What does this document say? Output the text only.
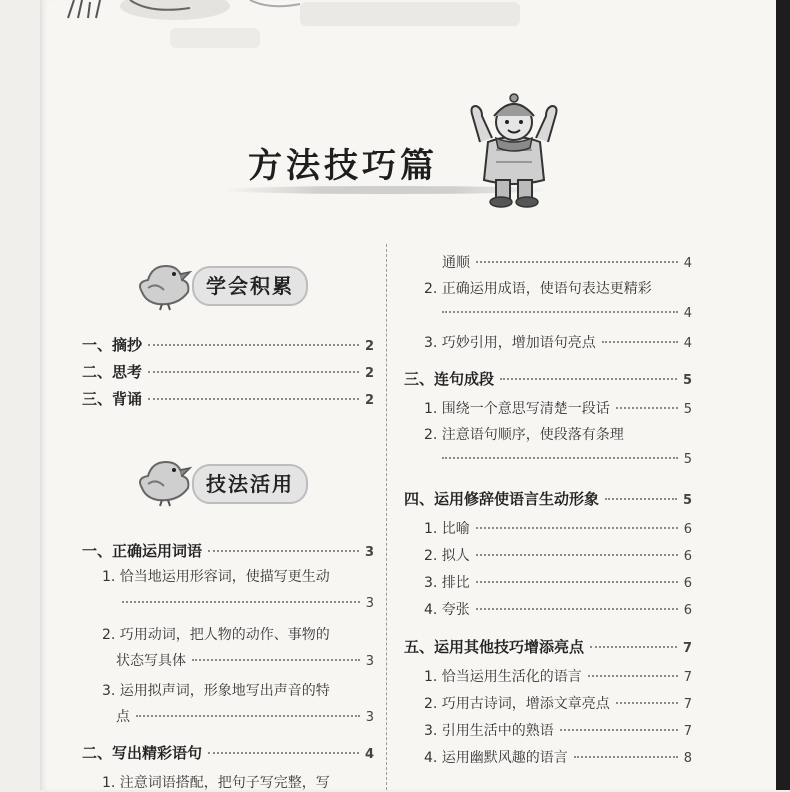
方法技巧篇
学会积累
技法活用
一、摘抄	2
二、思考	2
三、背诵	2
一、正确运用词语	3
1. 恰当地运用形容词，使描写更生动
3
2. 巧用动词，把人物的动作、事物的
状态写具体	3
3. 运用拟声词，形象地写出声音的特
点	3
二、写出精彩语句	4
1. 注意词语搭配，把句子写完整，写
通顺	4
2. 正确运用成语，使语句表达更精彩
4
3. 巧妙引用，增加语句亮点	4
三、连句成段	5
1. 围绕一个意思写清楚一段话	5
2. 注意语句顺序，使段落有条理
5
四、运用修辞使语言生动形象	5
1. 比喻	6
2. 拟人	6
3. 排比	6
4. 夸张	6
五、运用其他技巧增添亮点	7
1. 恰当运用生活化的语言	7
2. 巧用古诗词，增添文章亮点	7
3. 引用生活中的熟语	7
4. 运用幽默风趣的语言	8
